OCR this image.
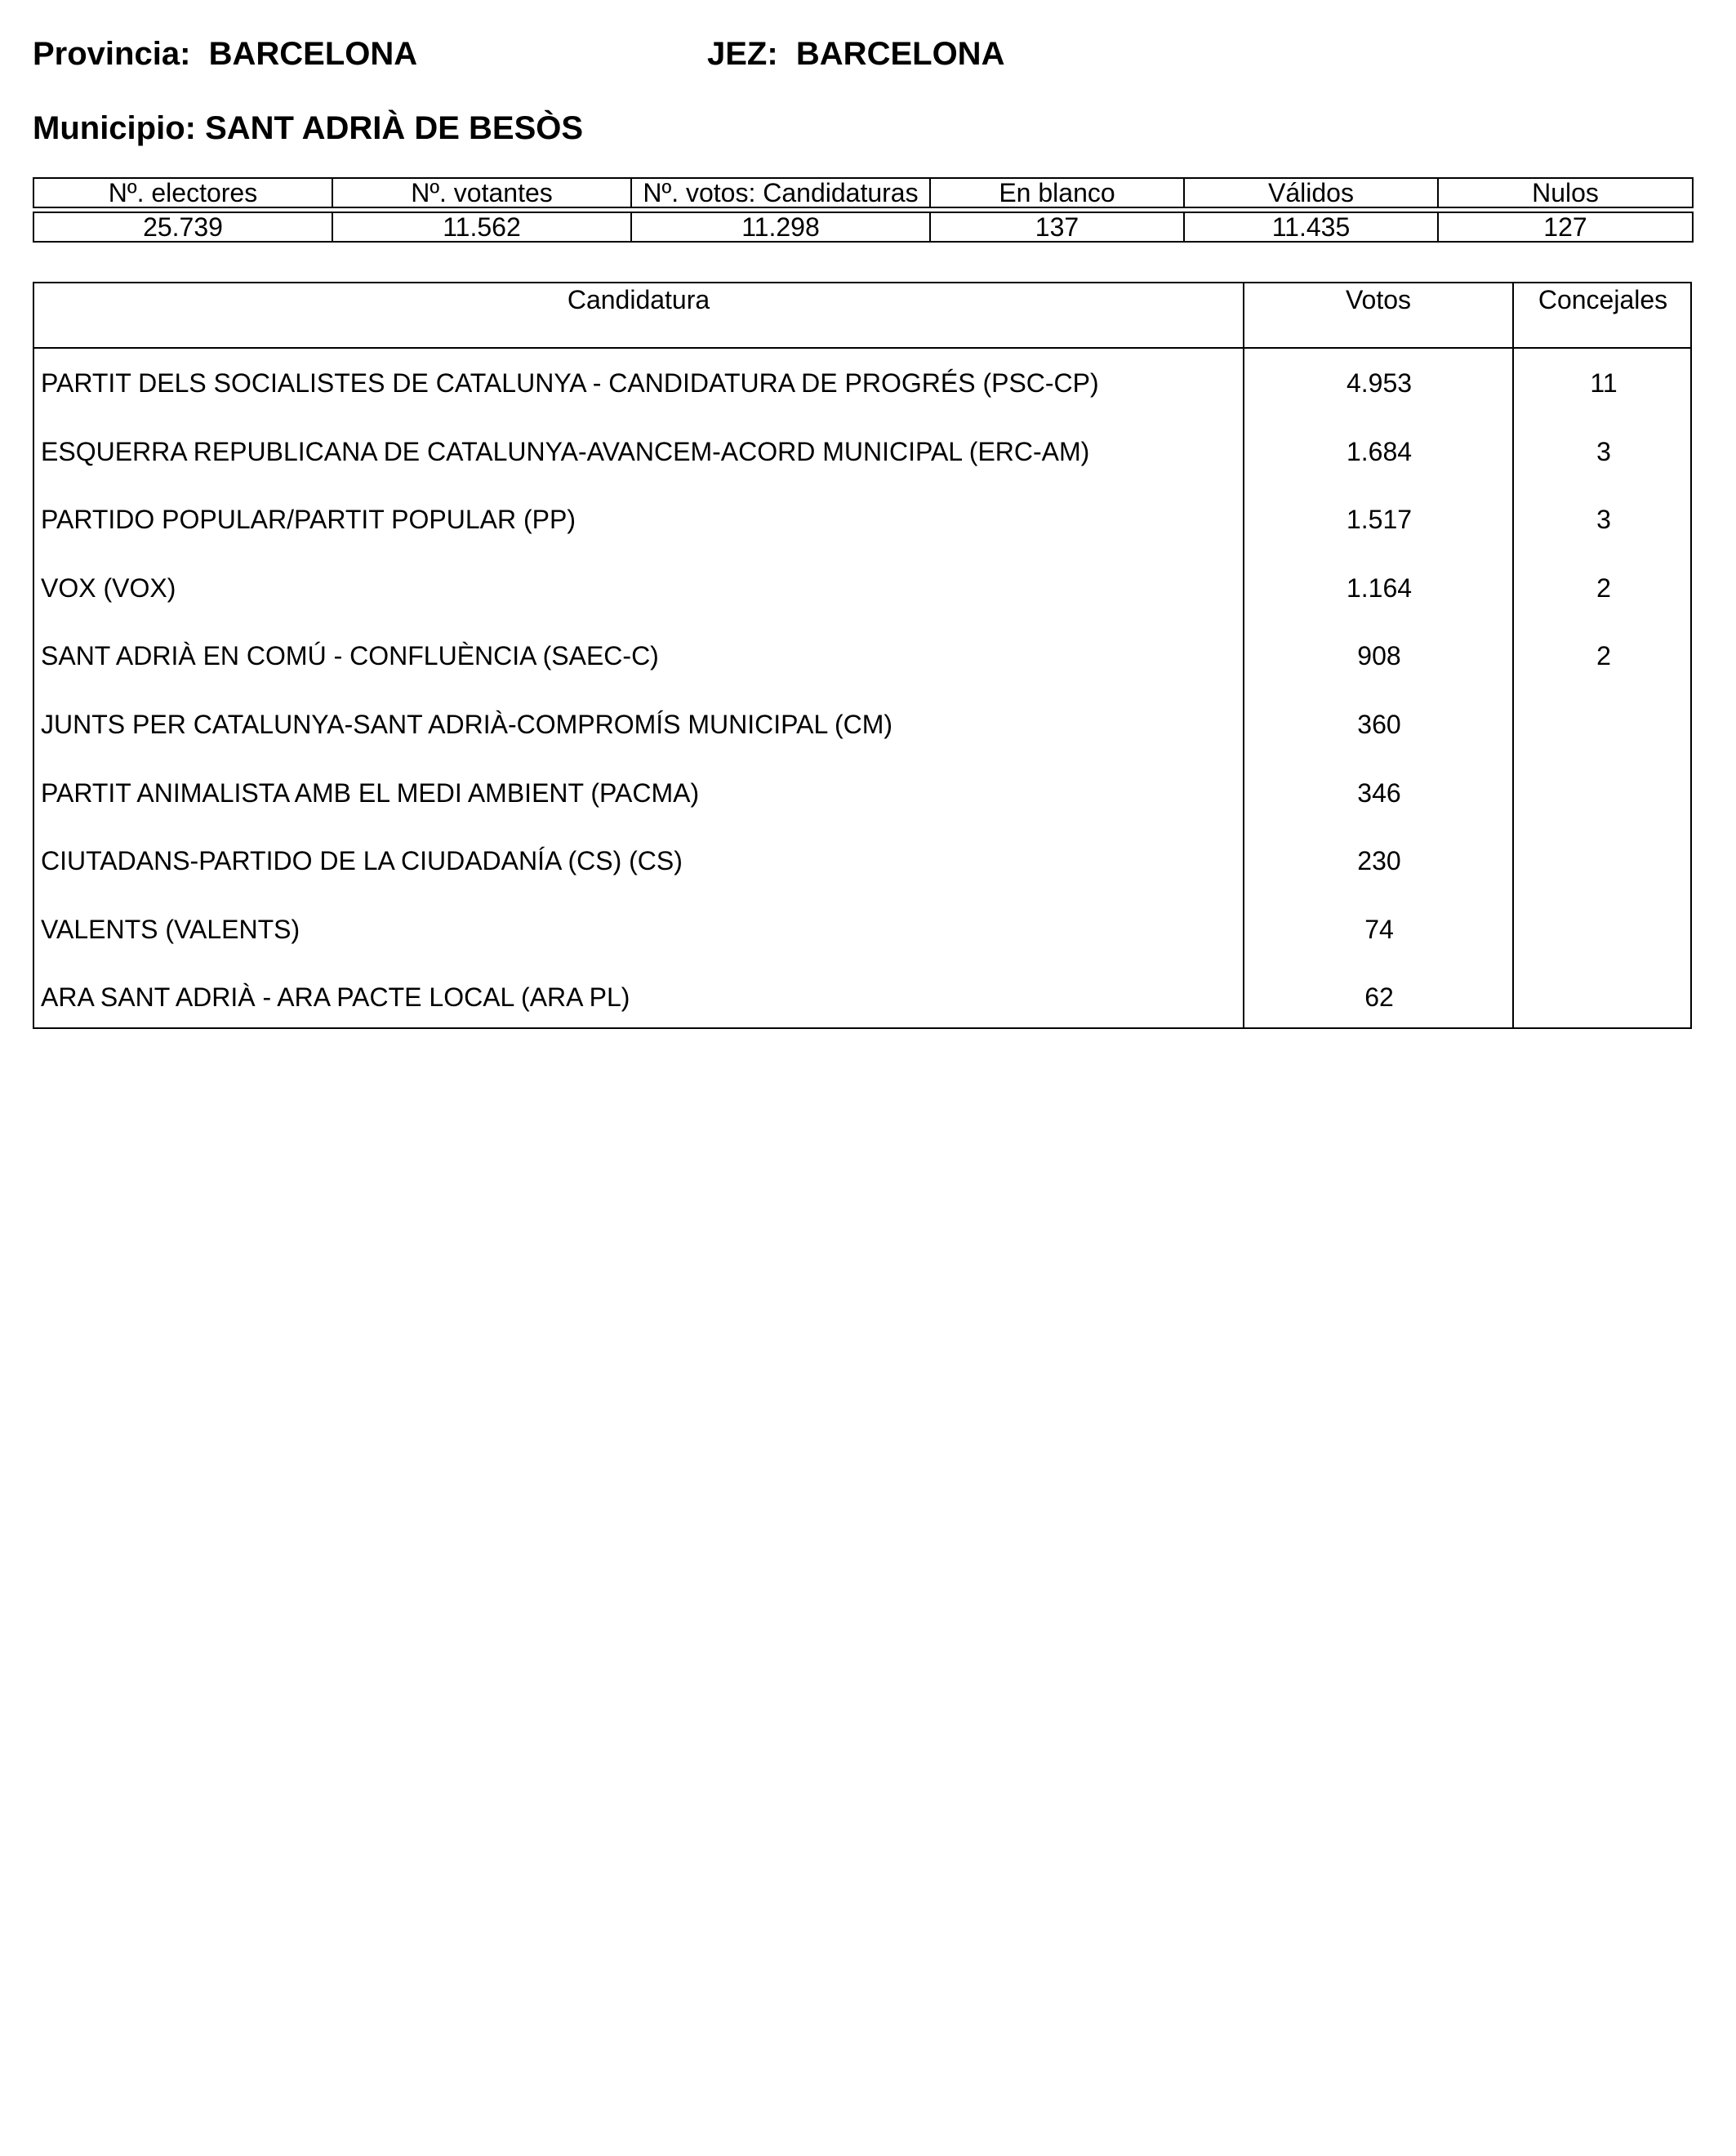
Provincia:  BARCELONA	JEZ:  BARCELONA
Municipio: SANT ADRIÀ DE BESÒS
Nº. electores	Nº. votantes	Nº. votos: Candidaturas	En blanco	Válidos	Nulos

25.739	11.562	11.298	137	11.435	127
Candidatura	Votos	Concejales
PARTIT DELS SOCIALISTES DE CATALUNYA - CANDIDATURA DE PROGRÉS (PSC-CP)	4.953	11
ESQUERRA REPUBLICANA DE CATALUNYA-AVANCEM-ACORD MUNICIPAL (ERC-AM)	1.684	3
PARTIDO POPULAR/PARTIT POPULAR (PP)	1.517	3
VOX (VOX)	1.164	2
SANT ADRIÀ EN COMÚ - CONFLUÈNCIA (SAEC-C)	908	2
JUNTS PER CATALUNYA-SANT ADRIÀ-COMPROMÍS MUNICIPAL (CM)	360
PARTIT ANIMALISTA AMB EL MEDI AMBIENT (PACMA)	346
CIUTADANS-PARTIDO DE LA CIUDADANÍA (CS) (CS)	230
VALENTS (VALENTS)	74
ARA SANT ADRIÀ - ARA PACTE LOCAL (ARA PL)	62
